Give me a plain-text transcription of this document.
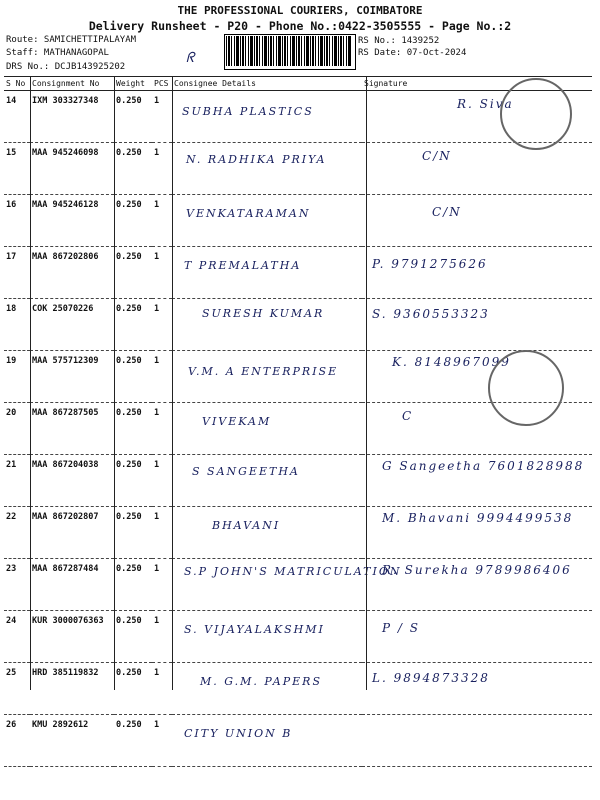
THE PROFESSIONAL COURIERS, COIMBATORE
Delivery Runsheet - P20 - Phone No.:0422-3505555 - Page No.:2
Route: SAMICHETTIPALAYAM
Staff: MATHANAGOPAL
DRS No.: DCJB143925202
RS No.: 1439252
RS Date: 07-Oct-2024
ᖇ
S No	Consignment No	Weight	PCS	Consignee Details	Signature
14	IXM 303327348	0.250	1	SUBHA PLASTICS	R. Siva

15	MAA 945246098	0.250	1	N. RADHIKA PRIYA	C/N

16	MAA 945246128	0.250	1	VENKATARAMAN	C/N

17	MAA 867202806	0.250	1	T PREMALATHA	P. 9791275626

18	COK 25070226	0.250	1	SURESH KUMAR	S. 9360553323

19	MAA 575712309	0.250	1	V.M. A ENTERPRISE	K. 8148967099

20	MAA 867287505	0.250	1	VIVEKAM	C

21	MAA 867204038	0.250	1	S SANGEETHA	G Sangeetha 7601828988

22	MAA 867202807	0.250	1	BHAVANI	M. Bhavani 9994499538

23	MAA 867287484	0.250	1	S.P JOHN'S MATRICULATION	R. Surekha 9789986406

24	KUR 3000076363	0.250	1	S. VIJAYALAKSHMI	P / S

25	HRD 385119832	0.250	1	M. G.M. PAPERS	L. 9894873328

26	KMU 2892612	0.250	1	CITY UNION B	
